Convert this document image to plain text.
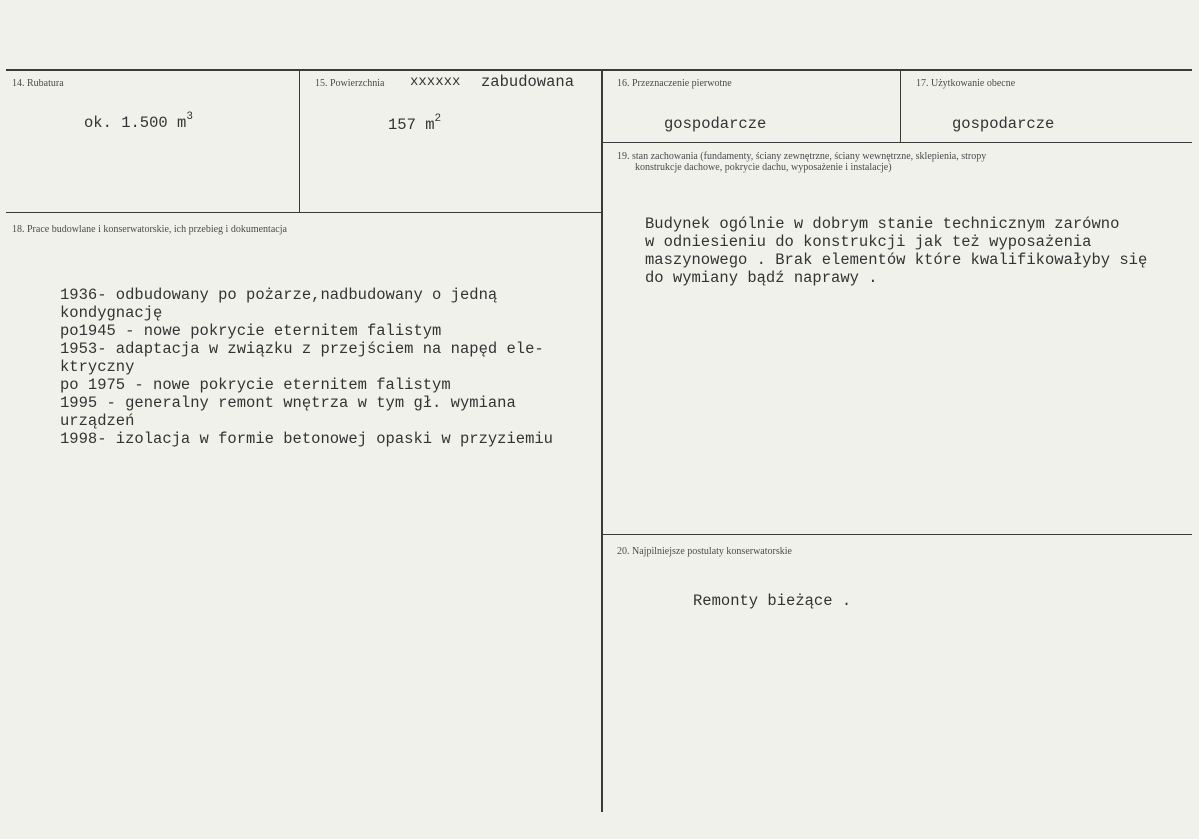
14. Rubatura
ok. 1.500 $m^3$
15. Powierzchnia xxxxxx zabudowana
157 $m^2$
16. Przeznaczenie pierwotne
gospodarcze
17. Użytkowanie obecne
gospodarcze
18. Prace budowlane i konserwatorskie, ich przebieg i dokumentacja

1936- odbudowany po pożarze,nadbudowany o jedną
kondygnację
po1945 - nowe pokrycie eternitem falistym
1953- adaptacja w związku z przejściem na napęd ele-
ktryczny
po 1975 - nowe pokrycie eternitem falistym
1995 - generalny remont wnętrza w tym gł. wymiana
urządzeń
1998- izolacja w formie betonowej opaski w przyziemiu

19. stan zachowania (fundamenty, ściany zewnętrzne, ściany wewnętrzne, sklepienia, stropy
konstrukcje dachowe, pokrycie dachu, wyposażenie i instalacje)

Budynek ogólnie w dobrym stanie technicznym zarówno
w odniesieniu do konstrukcji jak też wyposażenia
maszynowego . Brak elementów które kwalifikowałyby się
do wymiany bądź naprawy .

20. Najpilniejsze postulaty konserwatorskie
Remonty bieżące .
